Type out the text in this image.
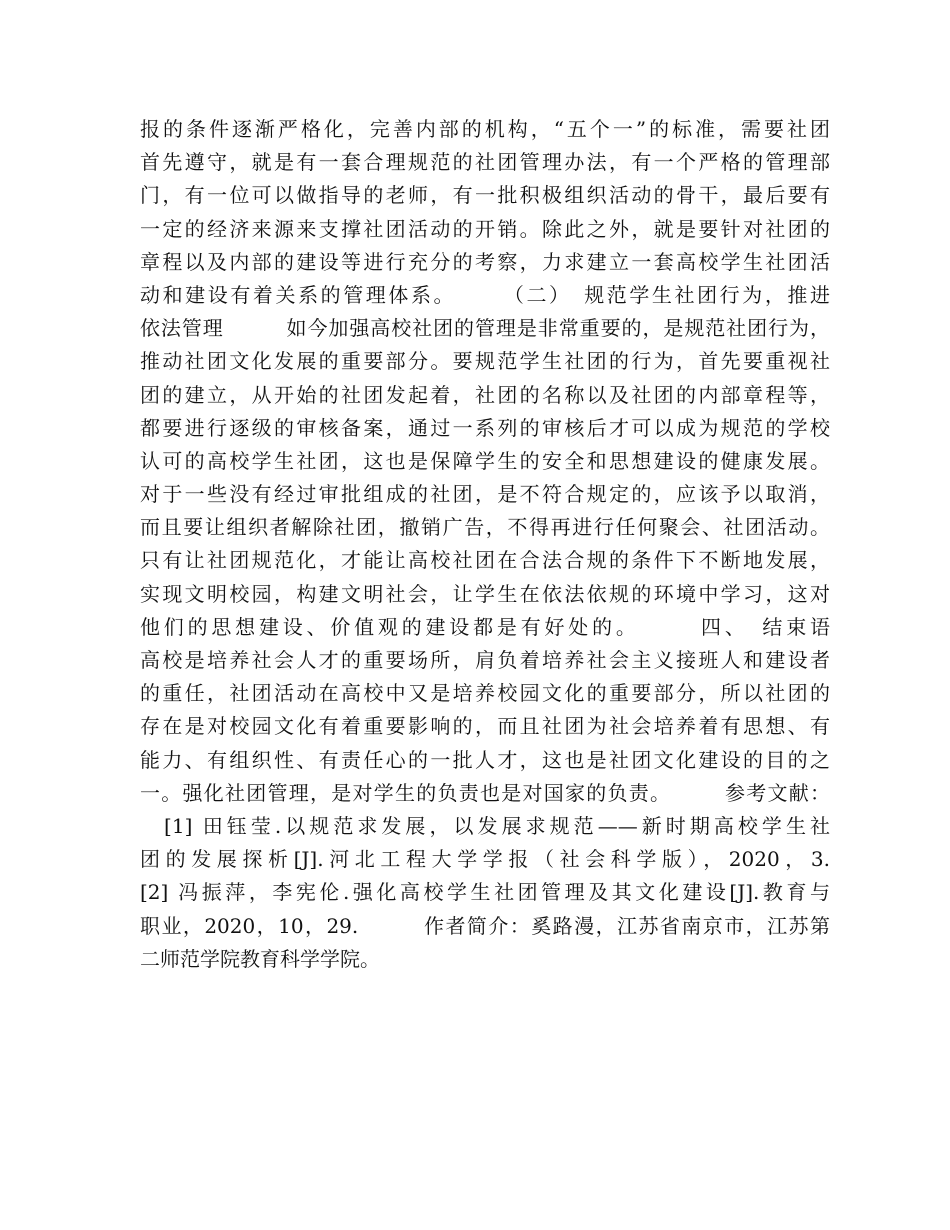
报的条件逐渐严格化，完善内部的机构，“五个一”的标准，需要社团
首先遵守，就是有一套合理规范的社团管理办法，有一个严格的管理部
门，有一位可以做指导的老师，有一批积极组织活动的骨干，最后要有
一定的经济来源来支撑社团活动的开销。除此之外，就是要针对社团的
章程以及内部的建设等进行充分的考察，力求建立一套高校学生社团活
动和建设有着关系的管理体系。　　　（二）　规范学生社团行为，推进
依法管理　　　如今加强高校社团的管理是非常重要的，是规范社团行为，
推动社团文化发展的重要部分。要规范学生社团的行为，首先要重视社
团的建立，从开始的社团发起着，社团的名称以及社团的内部章程等，
都要进行逐级的审核备案，通过一系列的审核后才可以成为规范的学校
认可的高校学生社团，这也是保障学生的安全和思想建设的健康发展。
对于一些没有经过审批组成的社团，是不符合规定的，应该予以取消，
而且要让组织者解除社团，撤销广告，不得再进行任何聚会、社团活动。
只有让社团规范化，才能让高校社团在合法合规的条件下不断地发展，
实现文明校园，构建文明社会，让学生在依法依规的环境中学习，这对
他们的思想建设、价值观的建设都是有好处的。　　　四、　结束语
高校是培养社会人才的重要场所，肩负着培养社会主义接班人和建设者
的重任，社团活动在高校中又是培养校园文化的重要部分，所以社团的
存在是对校园文化有着重要影响的，而且社团为社会培养着有思想、有
能力、有组织性、有责任心的一批人才，这也是社团文化建设的目的之
一。强化社团管理，是对学生的负责也是对国家的负责。　　　参考文献：
　[1] 田钰莹.以规范求发展，以发展求规范——新时期高校学生社
团的发展探析[J].河北工程大学学报（社会科学版），2020，3.
[2] 冯振萍，李宪伦.强化高校学生社团管理及其文化建设[J].教育与
职业，2020，10，29.　　　作者简介：奚路漫，江苏省南京市，江苏第
二师范学院教育科学学院。
